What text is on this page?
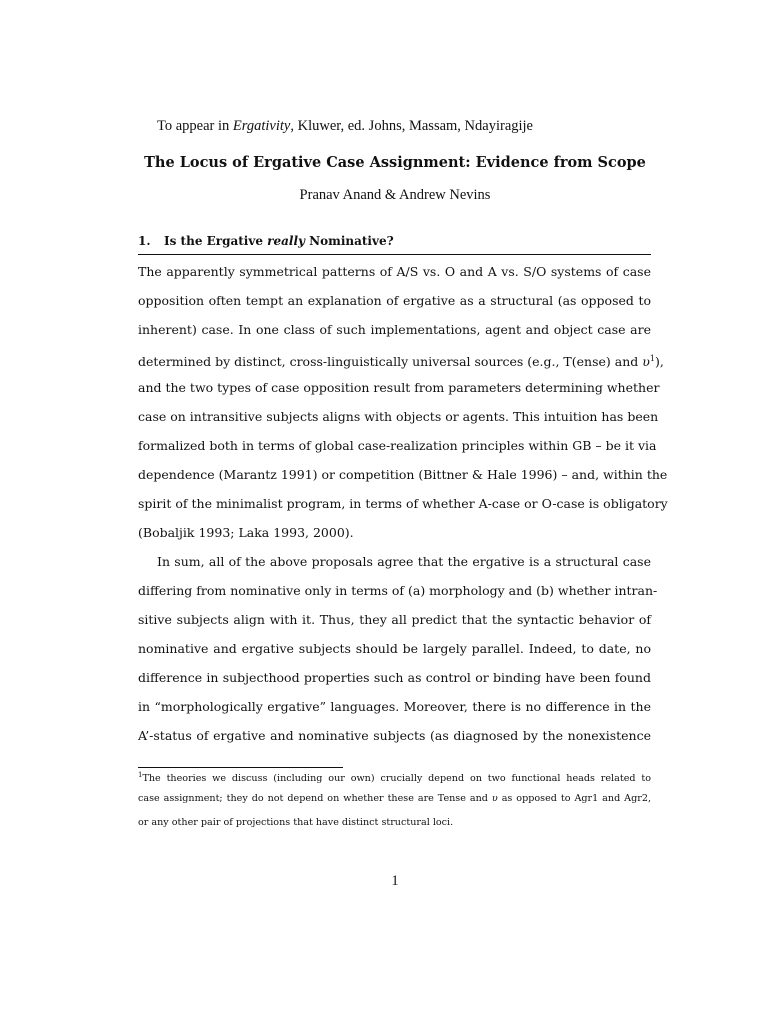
To appear in Ergativity, Kluwer, ed. Johns, Massam, Ndayiragije
The Locus of Ergative Case Assignment: Evidence from Scope
Pranav Anand & Andrew Nevins
1. Is the Ergative really Nominative?
The apparently symmetrical patterns of A/S vs. O and A vs. S/O systems of case
opposition often tempt an explanation of ergative as a structural (as opposed to
inherent) case. In one class of such implementations, agent and object case are
determined by distinct, cross-linguistically universal sources (e.g., T(ense) and $\upsilon^1$),
and the two types of case opposition result from parameters determining whether
case on intransitive subjects aligns with objects or agents. This intuition has been
formalized both in terms of global case-realization principles within GB – be it via
dependence (Marantz 1991) or competition (Bittner & Hale 1996) – and, within the
spirit of the minimalist program, in terms of whether A-case or O-case is obligatory
(Bobaljik 1993; Laka 1993, 2000).
In sum, all of the above proposals agree that the ergative is a structural case
differing from nominative only in terms of (a) morphology and (b) whether intran-
sitive subjects align with it. Thus, they all predict that the syntactic behavior of
nominative and ergative subjects should be largely parallel. Indeed, to date, no
difference in subjecthood properties such as control or binding have been found
in “morphologically ergative” languages. Moreover, there is no difference in the
A’-status of ergative and nominative subjects (as diagnosed by the nonexistence
$^1$The theories we discuss (including our own) crucially depend on two functional heads related to
case assignment; they do not depend on whether these are Tense and υ as opposed to Agr1 and Agr2,
or any other pair of projections that have distinct structural loci.
1
